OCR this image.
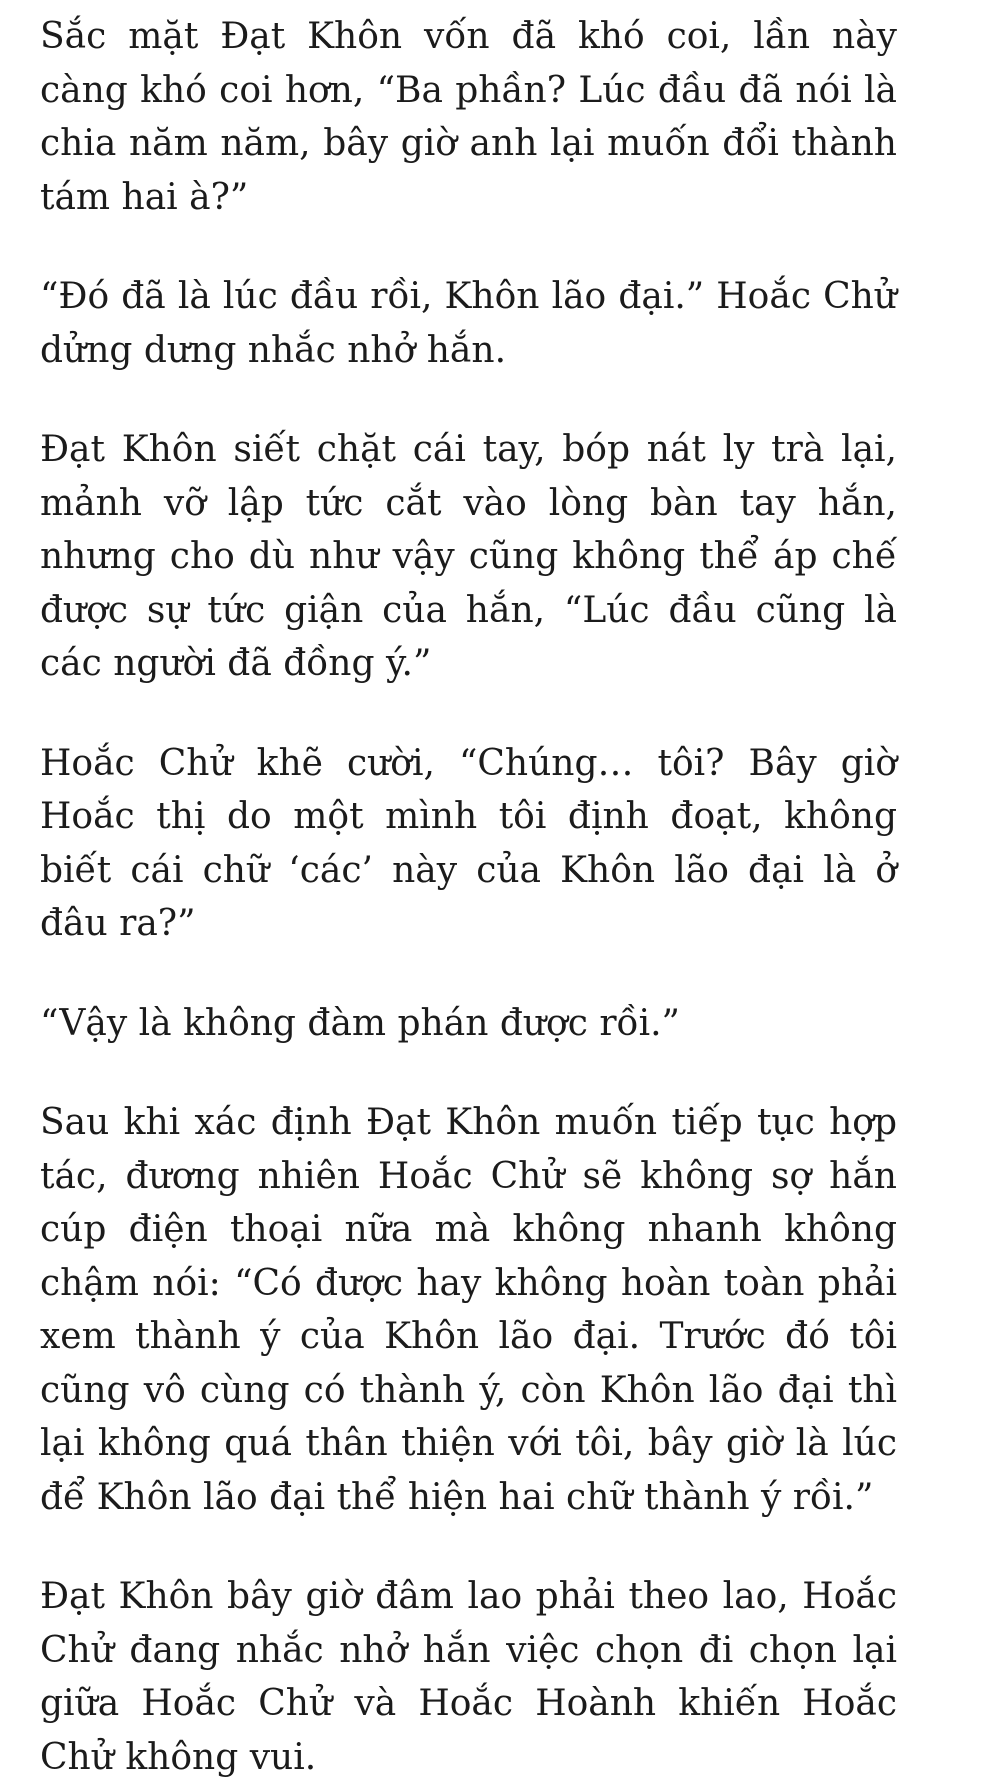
Sắc mặt Đạt Khôn vốn đã khó coi, lần này càng khó coi hơn, “Ba phần? Lúc đầu đã nói là chia năm năm, bây giờ anh lại muốn đổi thành tám hai à?”

“Đó đã là lúc đầu rồi, Khôn lão đại.” Hoắc Chử dửng dưng nhắc nhở hắn.

Đạt Khôn siết chặt cái tay, bóp nát ly trà lại, mảnh vỡ lập tức cắt vào lòng bàn tay hắn, nhưng cho dù như vậy cũng không thể áp chế được sự tức giận của hắn, “Lúc đầu cũng là các người đã đồng ý.”

Hoắc Chử khẽ cười, “Chúng… tôi? Bây giờ Hoắc thị do một mình tôi định đoạt, không biết cái chữ ‘các’ này của Khôn lão đại là ở đâu ra?”

“Vậy là không đàm phán được rồi.”

Sau khi xác định Đạt Khôn muốn tiếp tục hợp tác, đương nhiên Hoắc Chử sẽ không sợ hắn cúp điện thoại nữa mà không nhanh không chậm nói: “Có được hay không hoàn toàn phải xem thành ý của Khôn lão đại. Trước đó tôi cũng vô cùng có thành ý, còn Khôn lão đại thì lại không quá thân thiện với tôi, bây giờ là lúc để Khôn lão đại thể hiện hai chữ thành ý rồi.”

Đạt Khôn bây giờ đâm lao phải theo lao, Hoắc Chử đang nhắc nhở hắn việc chọn đi chọn lại giữa Hoắc Chử và Hoắc Hoành khiến Hoắc Chử không vui.
